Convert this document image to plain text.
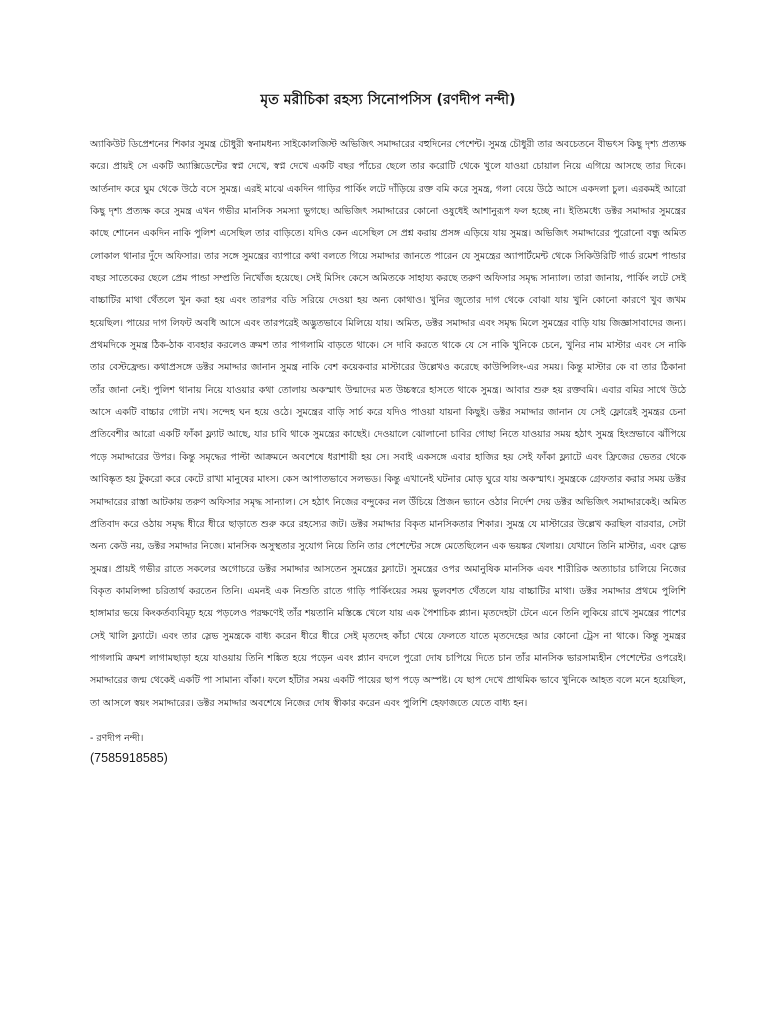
মৃত মরীচিকা রহস্য সিনোপসিস (রণদীপ নন্দী)

অ্যাকিউট ডিপ্রেশনের শিকার সুমন্ত্র চৌধুরী স্বনামধন্য সাইকোলজিস্ট অভিজিৎ সমাদ্দারের বহুদিনের পেশেন্ট। সুমন্ত্র চৌধুরী তার অবচেতনে বীভৎস কিছু দৃশ্য প্রত্যক্ষ করে। প্রায়ই সে একটি অ্যাক্সিডেন্টের স্বপ্ন দেখে, স্বপ্ন দেখে একটি বছর পাঁচের ছেলে তার করোটি থেকে খুলে যাওয়া চোয়াল নিয়ে এগিয়ে আসছে তার দিকে। আর্তনাদ করে ঘুম থেকে উঠে বসে সুমন্ত্র। এরই মাঝে একদিন গাড়ির পার্কিং লটে দাঁড়িয়ে রক্ত বমি করে সুমন্ত্র, গলা বেয়ে উঠে আসে একদলা চুল। এরকমই আরো কিছু দৃশ্য প্রত্যক্ষ করে সুমন্ত্র এখন গভীর মানসিক সমস্যা ভুগছে। অভিজিৎ সমাদ্দারের কোনো ওষুধেই আশানুরূপ ফল হচ্ছে না। ইতিমধ্যে ডক্টর সমাদ্দার সুমন্ত্রের কাছে শোনেন একদিন নাকি পুলিশ এসেছিল তার বাড়িতে। যদিও কেন এসেছিল সে প্রশ্ন করায় প্রসঙ্গ এড়িয়ে যায় সুমন্ত্র। অভিজিৎ সমাদ্দারের পুরোনো বন্ধু অমিত লোকাল থানার দুঁদে অফিসার। তার সঙ্গে সুমন্ত্রের ব্যাপারে কথা বলতে গিয়ে সমাদ্দার জানতে পারেন যে সুমন্ত্রের অ্যাপার্টমেন্ট থেকে সিকিউরিটি গার্ড রমেশ পান্ডার বছর সাতেকের ছেলে প্রেম পান্ডা সম্প্রতি নিখোঁজ হয়েছে। সেই মিসিং কেসে অমিতকে সাহায্য করছে তরুণ অফিসার সমৃদ্ধ সান্যাল। তারা জানায়, পার্কিং লটে সেই বাচ্চাটির মাথা থেঁতলে খুন করা হয় এবং তারপর বডি সরিয়ে দেওয়া হয় অন্য কোথাও। খুনির জুতোর দাগ থেকে বোঝা যায় খুনি কোনো কারণে খুব জখম হয়েছিল। পায়ের দাগ লিফট অবধি আসে এবং তারপরেই অদ্ভুতভাবে মিলিয়ে যায়। অমিত, ডক্টর সমাদ্দার এবং সমৃদ্ধ মিলে সুমন্ত্রের বাড়ি যায় জিজ্ঞাসাবাদের জন্য। প্রথমদিকে সুমন্ত্র ঠিক-ঠাক ব্যবহার করলেও ক্রমশ তার পাগলামি বাড়তে থাকে। সে দাবি করতে থাকে যে সে নাকি খুনিকে চেনে, খুনির নাম মাস্টার এবং সে নাকি তার বেস্টফ্রেন্ড। কথাপ্রসঙ্গে ডক্টর সমাদ্দার জানান সুমন্ত্র নাকি বেশ কয়েকবার মাস্টারের উল্লেখও করেছে কাউন্সিলিং-এর সময়। কিন্তু মাস্টার কে বা তার ঠিকানা তাঁর জানা নেই। পুলিশ থানায় নিয়ে যাওয়ার কথা তোলায় অকস্মাৎ উন্মাদের মত উচ্চস্বরে হাসতে থাকে সুমন্ত্র। আবার শুরু হয় রক্তবমি। এবার বমির সাথে উঠে আসে একটি বাচ্চার গোটা নখ। সন্দেহ ঘন হয়ে ওঠে। সুমন্ত্রের বাড়ি সার্চ করে যদিও পাওয়া যায়না কিছুই। ডক্টর সমাদ্দার জানান যে সেই ফ্লোরেই সুমন্ত্রর চেনা প্রতিবেশীর আরো একটি ফাঁকা ফ্ল্যাট আছে, যার চাবি থাকে সুমন্ত্রের কাছেই। দেওয়ালে ঝোলানো চাবির গোছা নিতে যাওয়ার সময় হঠাৎ সুমন্ত্র হিংস্রভাবে ঝাঁপিয়ে পড়ে সমাদ্দারের উপর। কিন্তু সমৃদ্ধের পাল্টা আক্রমনে অবশেষে ধরাশায়ী হয় সে। সবাই একসঙ্গে এবার হাজির হয় সেই ফাঁকা ফ্ল্যাটে এবং ফ্রিজের ভেতর থেকে আবিষ্কৃত হয় টুকরো করে কেটে রাখা মানুষের মাংস। কেস আপাতভাবে সলভড। কিন্তু এখানেই ঘটনার মোড় ঘুরে যায় অকস্মাৎ। সুমন্ত্রকে গ্রেফতার করার সময় ডক্টর সমাদ্দারের রাস্তা আটকায় তরুণ অফিসার সমৃদ্ধ সান্যাল। সে হঠাৎ নিজের বন্দুকের নল উঁচিয়ে প্রিজন ভ্যানে ওঠার নির্দেশ দেয় ডক্টর অভিজিৎ সমাদ্দারকেই। অমিত প্রতিবাদ করে ওঠায় সমৃদ্ধ ধীরে ধীরে ছাড়াতে শুরু করে রহস্যের জট। ডক্টর সমাদ্দার বিকৃত মানসিকতার শিকার। সুমন্ত্র যে মাস্টারের উল্লেখ করছিল বারবার, সেটা অন্য কেউ নয়, ডক্টর সমাদ্দার নিজে। মানসিক অসুস্থতার সুযোগ নিয়ে তিনি তার পেশেন্টের সঙ্গে মেতেছিলেন এক ভয়ঙ্কর খেলায়। যেখানে তিনি মাস্টার, এবং স্লেভ সুমন্ত্র। প্রায়ই গভীর রাতে সকলের অগোচরে ডক্টর সমাদ্দার আসতেন সুমন্ত্রের ফ্ল্যাটে। সুমন্ত্রের ওপর অমানুষিক মানসিক এবং শারীরিক অত্যাচার চালিয়ে নিজের বিকৃত কামলিপ্সা চরিতার্থ করতেন তিনি। এমনই এক নিশুতি রাতে গাড়ি পার্কিংয়ের সময় ভুলবশত থেঁতলে যায় বাচ্চাটির মাথা। ডক্টর সমাদ্দার প্রথমে পুলিশি হাঙ্গামার ভয়ে কিংকর্তব্যবিমূঢ় হয়ে পড়লেও পরক্ষণেই তাঁর শয়তানি মস্তিষ্কে খেলে যায় এক পৈশাচিক প্ল্যান। মৃতদেহটা টেনে এনে তিনি লুকিয়ে রাখে সুমন্ত্রের পাশের সেই খালি ফ্ল্যাটে। এবং তার স্লেভ সুমন্ত্রকে বাধ্য করেন ধীরে ধীরে সেই মৃতদেহ কাঁচা খেয়ে ফেলতে যাতে মৃতদেহের আর কোনো ট্রেস না থাকে। কিন্তু সুমন্ত্রর পাগলামি ক্রমশ লাগামছাড়া হয়ে যাওয়ায় তিনি শঙ্কিত হয়ে পড়েন এবং প্ল্যান বদলে পুরো দোষ চাপিয়ে দিতে চান তাঁর মানসিক ভারসাম্যহীন পেশেন্টের ওপরেই।সমাদ্দারের জন্ম থেকেই একটি পা সামান্য বাঁকা। ফলে হাঁটার সময় একটি পায়ের ছাপ পড়ে অস্পষ্ট। যে ছাপ দেখে প্রাথমিক ভাবে খুনিকে আহত বলে মনে হয়েছিল, তা আসলে স্বয়ং সমাদ্দারের। ডক্টর সমাদ্দার অবশেষে নিজের দোষ স্বীকার করেন এবং পুলিশি হেফাজতে যেতে বাধ্য হন।

- রণদীপ নন্দী।
(7585918585)
